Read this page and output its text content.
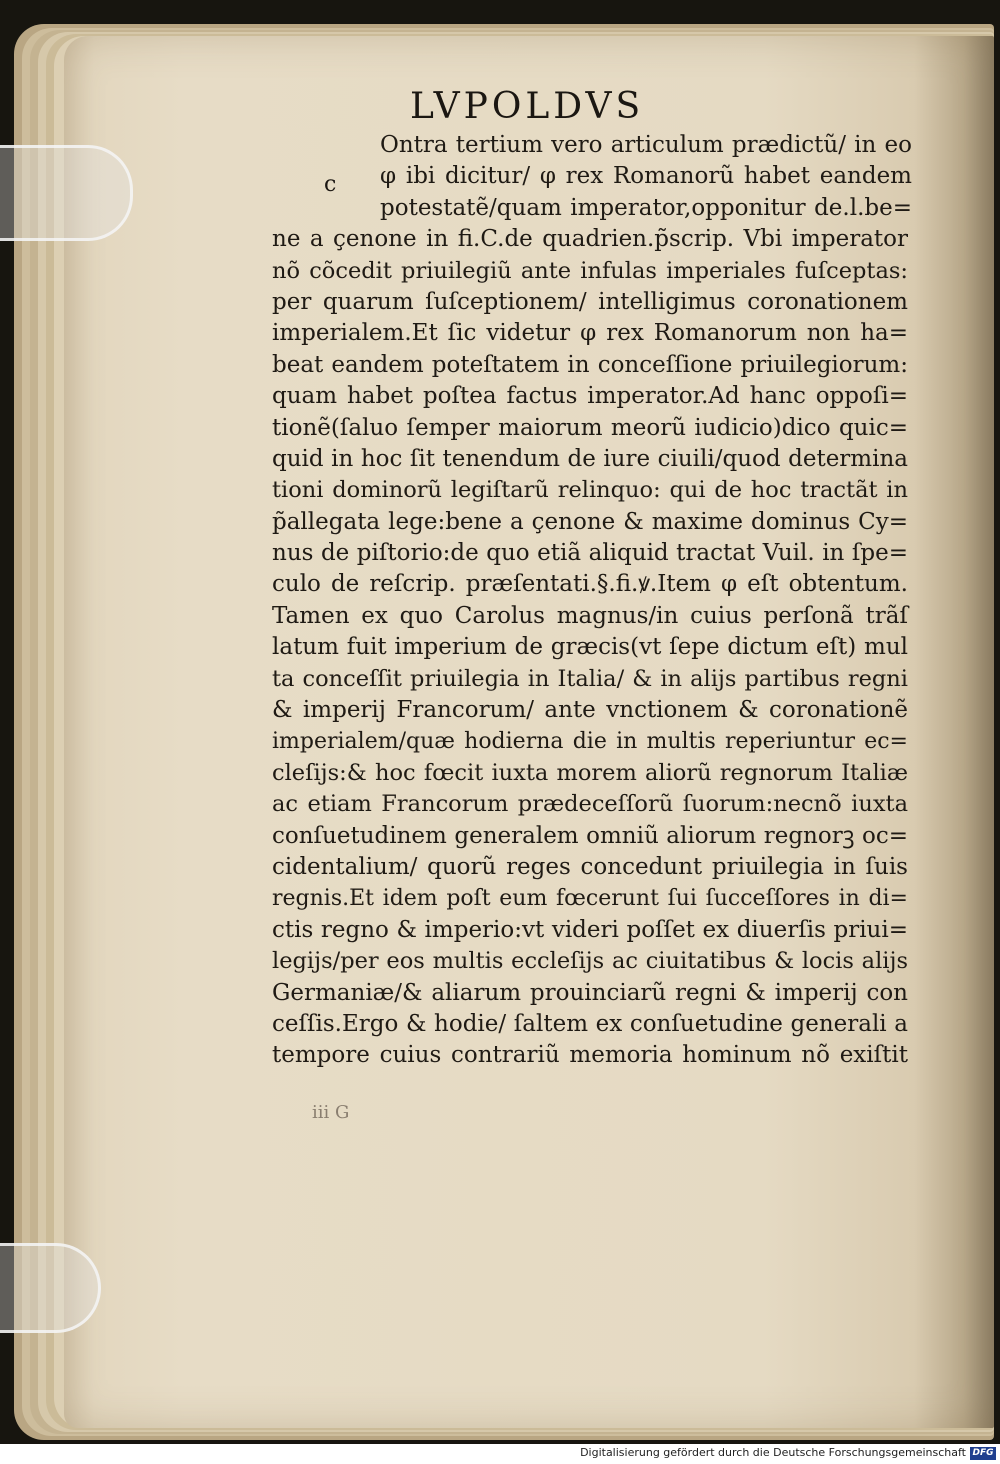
LVPOLDVS
c
Ontra tertium vero articulum prædictũ/ in eo
φ ibi dicitur/ φ rex Romanorũ habet eandem
potestatẽ/quam imperator,opponitur de.l.be=
ne a çenone in fi.C.de quadrien.p̃scrip. Vbi imperator
nõ cõcedit priuilegiũ ante infulas imperiales fuſceptas:
per quarum ſuſceptionem/ intelligimus coronationem
imperialem.Et ſic videtur φ rex Romanorum non ha=
beat eandem poteſtatem in conceſſione priuilegiorum:
quam habet poſtea factus imperator.Ad hanc oppoſi=
tionẽ(ſaluo ſemper maiorum meorũ iudicio)dico quic=
quid in hoc ſit tenendum de iure ciuili/quod determina
tioni dominorũ legiſtarũ relinquo: qui de hoc tractãt in
p̃allegata lege:bene a çenone & maxime dominus Cy=
nus de piſtorio:de quo etiã aliquid tractat Vuil. in ſpe=
culo de reſcrip. præſentati.§.fi.ꝟ.Item φ eſt obtentum.
Tamen ex quo Carolus magnus/in cuius perſonã trãſ
latum fuit imperium de græcis(vt ſepe dictum eſt) mul
ta conceſſit priuilegia in Italia/ & in alijs partibus regni
& imperij Francorum/ ante vnctionem & coronationẽ
imperialem/quæ hodierna die in multis reperiuntur ec=
cleſijs:& hoc fœcit iuxta morem aliorũ regnorum Italiæ
ac etiam Francorum prædeceſſorũ ſuorum:necnõ iuxta
conſuetudinem generalem omniũ aliorum regnorꝫ oc=
cidentalium/ quorũ reges concedunt priuilegia in ſuis
regnis.Et idem poſt eum fœcerunt ſui ſucceſſores in di=
ctis regno & imperio:vt videri poſſet ex diuerſis priui=
legijs/per eos multis eccleſijs ac ciuitatibus & locis alijs
Germaniæ/& aliarum prouinciarũ regni & imperij con
ceſſis.Ergo & hodie/ ſaltem ex conſuetudine generali a
tempore cuius contrariũ memoria hominum nõ exiſtit
iii G
Digitalisierung gefördert durch die Deutsche Forschungsgemeinschaft DFG
